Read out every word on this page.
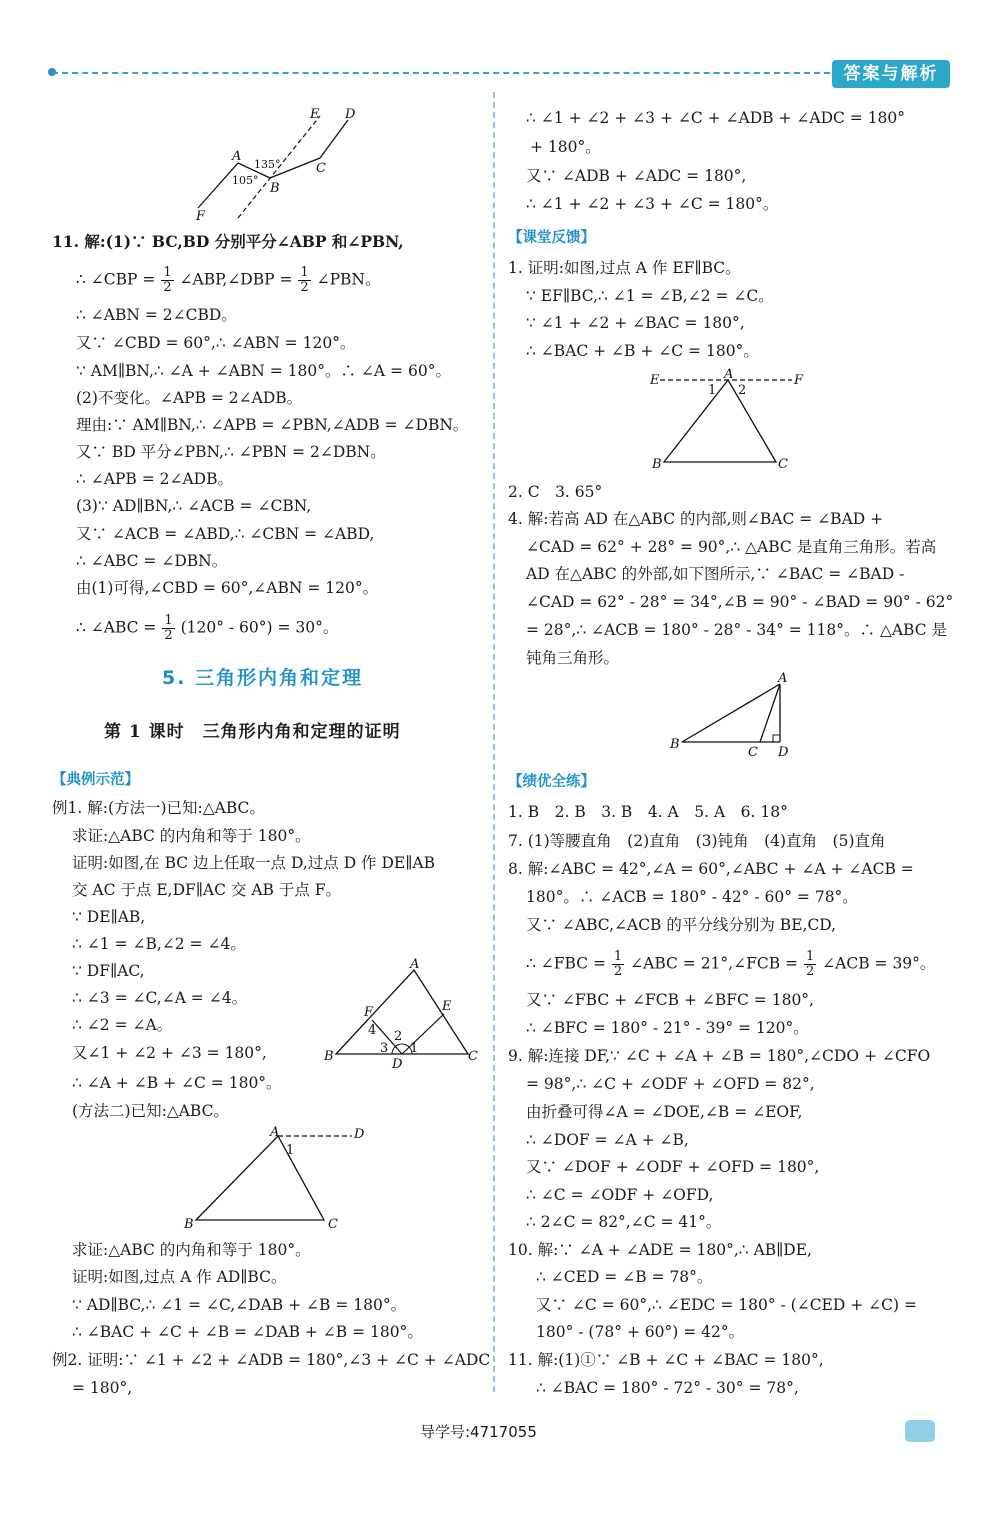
答案与解析
E D
A
135°
105°
B
C
F
11. 解:(1)∵ BC,BD 分别平分∠ABP 和∠PBN,
∴ ∠CBP = $\frac{1}{2}$ ∠ABP,∠DBP = $\frac{1}{2}$ ∠PBN。
∴ ∠ABN = 2∠CBD。
又∵ ∠CBD = 60°,∴ ∠ABN = 120°。
∵ AM∥BN,∴ ∠A + ∠ABN = 180°。∴ ∠A = 60°。
(2)不变化。∠APB = 2∠ADB。
理由:∵ AM∥BN,∴ ∠APB = ∠PBN,∠ADB = ∠DBN。
又∵ BD 平分∠PBN,∴ ∠PBN = 2∠DBN。
∴ ∠APB = 2∠ADB。
(3)∵ AD∥BN,∴ ∠ACB = ∠CBN,
又∵ ∠ACB = ∠ABD,∴ ∠CBN = ∠ABD,
∴ ∠ABC = ∠DBN。
由(1)可得,∠CBD = 60°,∠ABN = 120°。
∴ ∠ABC = $\frac{1}{2} (120^\circ - 60^\circ) = 30^\circ$。
5. 三角形内角和定理
第 1 课时　三角形内角和定理的证明
【典例示范】
例1. 解:(方法一)已知:△ABC。
求证:△ABC 的内角和等于 180°。
证明:如图,在 BC 边上任取一点 D,过点 D 作 DE∥AB
交 AC 于点 E,DF∥AC 交 AB 于点 F。
∵ DE∥AB,
∴ ∠1 = ∠B,∠2 = ∠4。
∵ DF∥AC,
∴ ∠3 = ∠C,∠A = ∠4。
∴ ∠2 = ∠A。
又∠1 + ∠2 + ∠3 = 180°,
∴ ∠A + ∠B + ∠C = 180°。
(方法二)已知:△ABC。
A
F	E
4 2
3 1
B
D
C
A	D
1
B	C
求证:△ABC 的内角和等于 180°。
证明:如图,过点 A 作 AD∥BC。
∵ AD∥BC,∴ ∠1 = ∠C,∠DAB + ∠B = 180°。
∴ ∠BAC + ∠C + ∠B = ∠DAB + ∠B = 180°。
例2. 证明:∵ ∠1 + ∠2 + ∠ADB = 180°,∠3 + ∠C + ∠ADC
= 180°,
∴ ∠1 + ∠2 + ∠3 + ∠C + ∠ADB + ∠ADC = 180°
+ 180°。
又∵ ∠ADB + ∠ADC = 180°,
∴ ∠1 + ∠2 + ∠3 + ∠C = 180°。
【课堂反馈】
1. 证明:如图,过点 A 作 EF∥BC。
∵ EF∥BC,∴ ∠1 = ∠B,∠2 = ∠C。
∵ ∠1 + ∠2 + ∠BAC = 180°,
∴ ∠BAC + ∠B + ∠C = 180°。
E	A	F
1 2
B	C
2. C　3. 65°
4. 解:若高 AD 在△ABC 的内部,则∠BAC = ∠BAD +
∠CAD = 62° + 28° = 90°,∴ △ABC 是直角三角形。若高
AD 在△ABC 的外部,如下图所示,∵ ∠BAC = ∠BAD -
∠CAD = 62° - 28° = 34°,∠B = 90° - ∠BAD = 90° - 62°
= 28°,∴ ∠ACB = 180° - 28° - 34° = 118°。∴ △ABC 是
钝角三角形。
A
B
C D
【绩优全练】
1. B　2. B　3. B　4. A　5. A　6. 18°
7. (1)等腰直角　(2)直角　(3)钝角　(4)直角　(5)直角
8. 解:∠ABC = 42°,∠A = 60°,∠ABC + ∠A + ∠ACB =
180°。∴ ∠ACB = 180° - 42° - 60° = 78°。
又∵ ∠ABC,∠ACB 的平分线分别为 BE,CD,
∴ ∠FBC = $\frac{1}{2}$ ∠ABC = 21°,∠FCB = $\frac{1}{2}$ ∠ACB = 39°。
又∵ ∠FBC + ∠FCB + ∠BFC = 180°,
∴ ∠BFC = 180° - 21° - 39° = 120°。
9. 解:连接 DF,∵ ∠C + ∠A + ∠B = 180°,∠CDO + ∠CFO
= 98°,∴ ∠C + ∠ODF + ∠OFD = 82°,
由折叠可得∠A = ∠DOE,∠B = ∠EOF,
∴ ∠DOF = ∠A + ∠B,
又∵ ∠DOF + ∠ODF + ∠OFD = 180°,
∴ ∠C = ∠ODF + ∠OFD,
∴ 2∠C = 82°,∠C = 41°。
10. 解:∵ ∠A + ∠ADE = 180°,∴ AB∥DE,
∴ ∠CED = ∠B = 78°。
又∵ ∠C = 60°,∴ ∠EDC = 180° - (∠CED + ∠C) =
180° - (78° + 60°) = 42°。
11. 解:(1)①∵ ∠B + ∠C + ∠BAC = 180°,
∴ ∠BAC = 180° - 72° - 30° = 78°,
导学号:4717055
